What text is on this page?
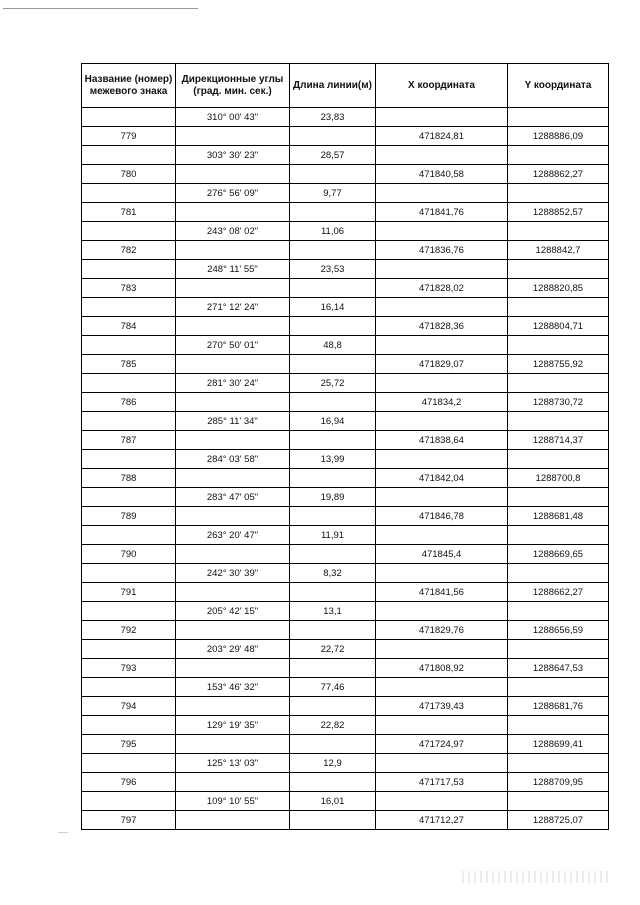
Название (номер) межевого знака	Дирекционные углы (град. мин. сек.)	Длина линии(м)	X координата	Y координата
	310° 00' 43"	23,83		
779			471824,81	1288886,09
	303° 30' 23"	28,57		
780			471840,58	1288862,27
	276° 56' 09"	9,77		
781			471841,76	1288852,57
	243° 08' 02"	11,06		
782			471836,76	1288842,7
	248° 11' 55"	23,53		
783			471828,02	1288820,85
	271° 12' 24"	16,14		
784			471828,36	1288804,71
	270° 50' 01"	48,8		
785			471829,07	1288755,92
	281° 30' 24"	25,72		
786			471834,2	1288730,72
	285° 11' 34"	16,94		
787			471838,64	1288714,37
	284° 03' 58"	13,99		
788			471842,04	1288700,8
	283° 47' 05"	19,89		
789			471846,78	1288681,48
	263° 20' 47"	11,91		
790			471845,4	1288669,65
	242° 30' 39"	8,32		
791			471841,56	1288662,27
	205° 42' 15"	13,1		
792			471829,76	1288656,59
	203° 29' 48"	22,72		
793			471808,92	1288647,53
	153° 46' 32"	77,46		
794			471739,43	1288681,76
	129° 19' 35"	22,82		
795			471724,97	1288699,41
	125° 13' 03"	12,9		
796			471717,53	1288709,95
	109° 10' 55"	16,01		
797			471712,27	1288725,07
